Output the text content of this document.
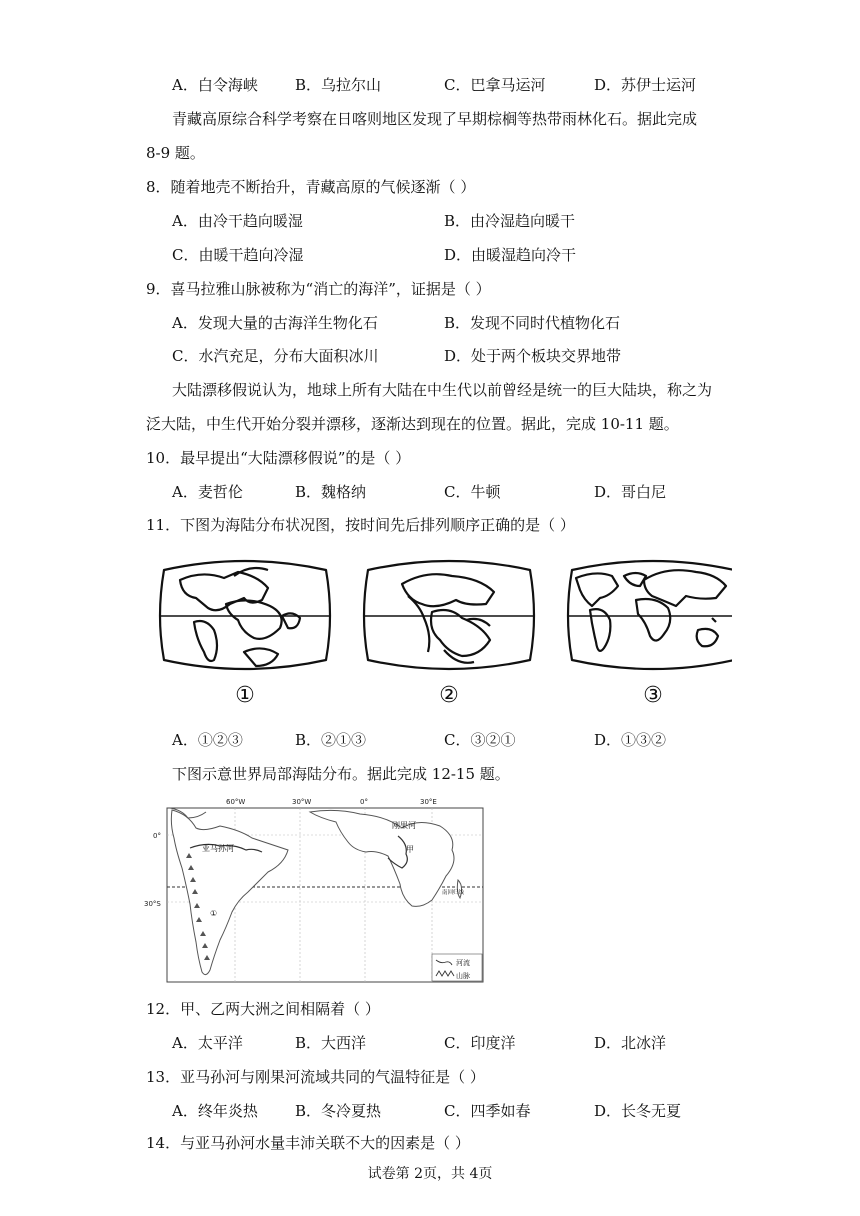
A．白令海峡 B．乌拉尔山	C．巴拿马运河	D．苏伊士运河
青藏高原综合科学考察在日喀则地区发现了早期棕榈等热带雨林化石。据此完成
8-9 题。
8．随着地壳不断抬升，青藏高原的气候逐渐（ ）
A．由冷干趋向暖湿	B．由冷湿趋向暖干
C．由暖干趋向冷湿	D．由暖湿趋向冷干
9．喜马拉雅山脉被称为“消亡的海洋”，证据是（ ）
A．发现大量的古海洋生物化石	B．发现不同时代植物化石
C．水汽充足，分布大面积冰川	D．处于两个板块交界地带
大陆漂移假说认为，地球上所有大陆在中生代以前曾经是统一的巨大陆块，称之为
泛大陆，中生代开始分裂并漂移，逐渐达到现在的位置。据此，完成 10-11 题。
10．最早提出“大陆漂移假说”的是（ ）
A．麦哲伦	B．魏格纳	C．牛顿	D．哥白尼
11．下图为海陆分布状况图，按时间先后排列顺序正确的是（ ）
①	②	③
A．①②③	B．②①③	C．③②①	D．①③②
下图示意世界局部海陆分布。据此完成 12-15 题。
60°W	30°W	0°	30°E
0°
30°S
亚马孙河
刚果河
甲
①
南回归线
河流
山脉
12．甲、乙两大洲之间相隔着（ ）
A．太平洋	B．大西洋	C．印度洋	D．北冰洋
13．亚马孙河与刚果河流域共同的气温特征是（ ）
A．终年炎热 B．冬冷夏热	C．四季如春	D．长冬无夏
14．与亚马孙河水量丰沛关联不大的因素是（ ）
试卷第 2页，共 4页
